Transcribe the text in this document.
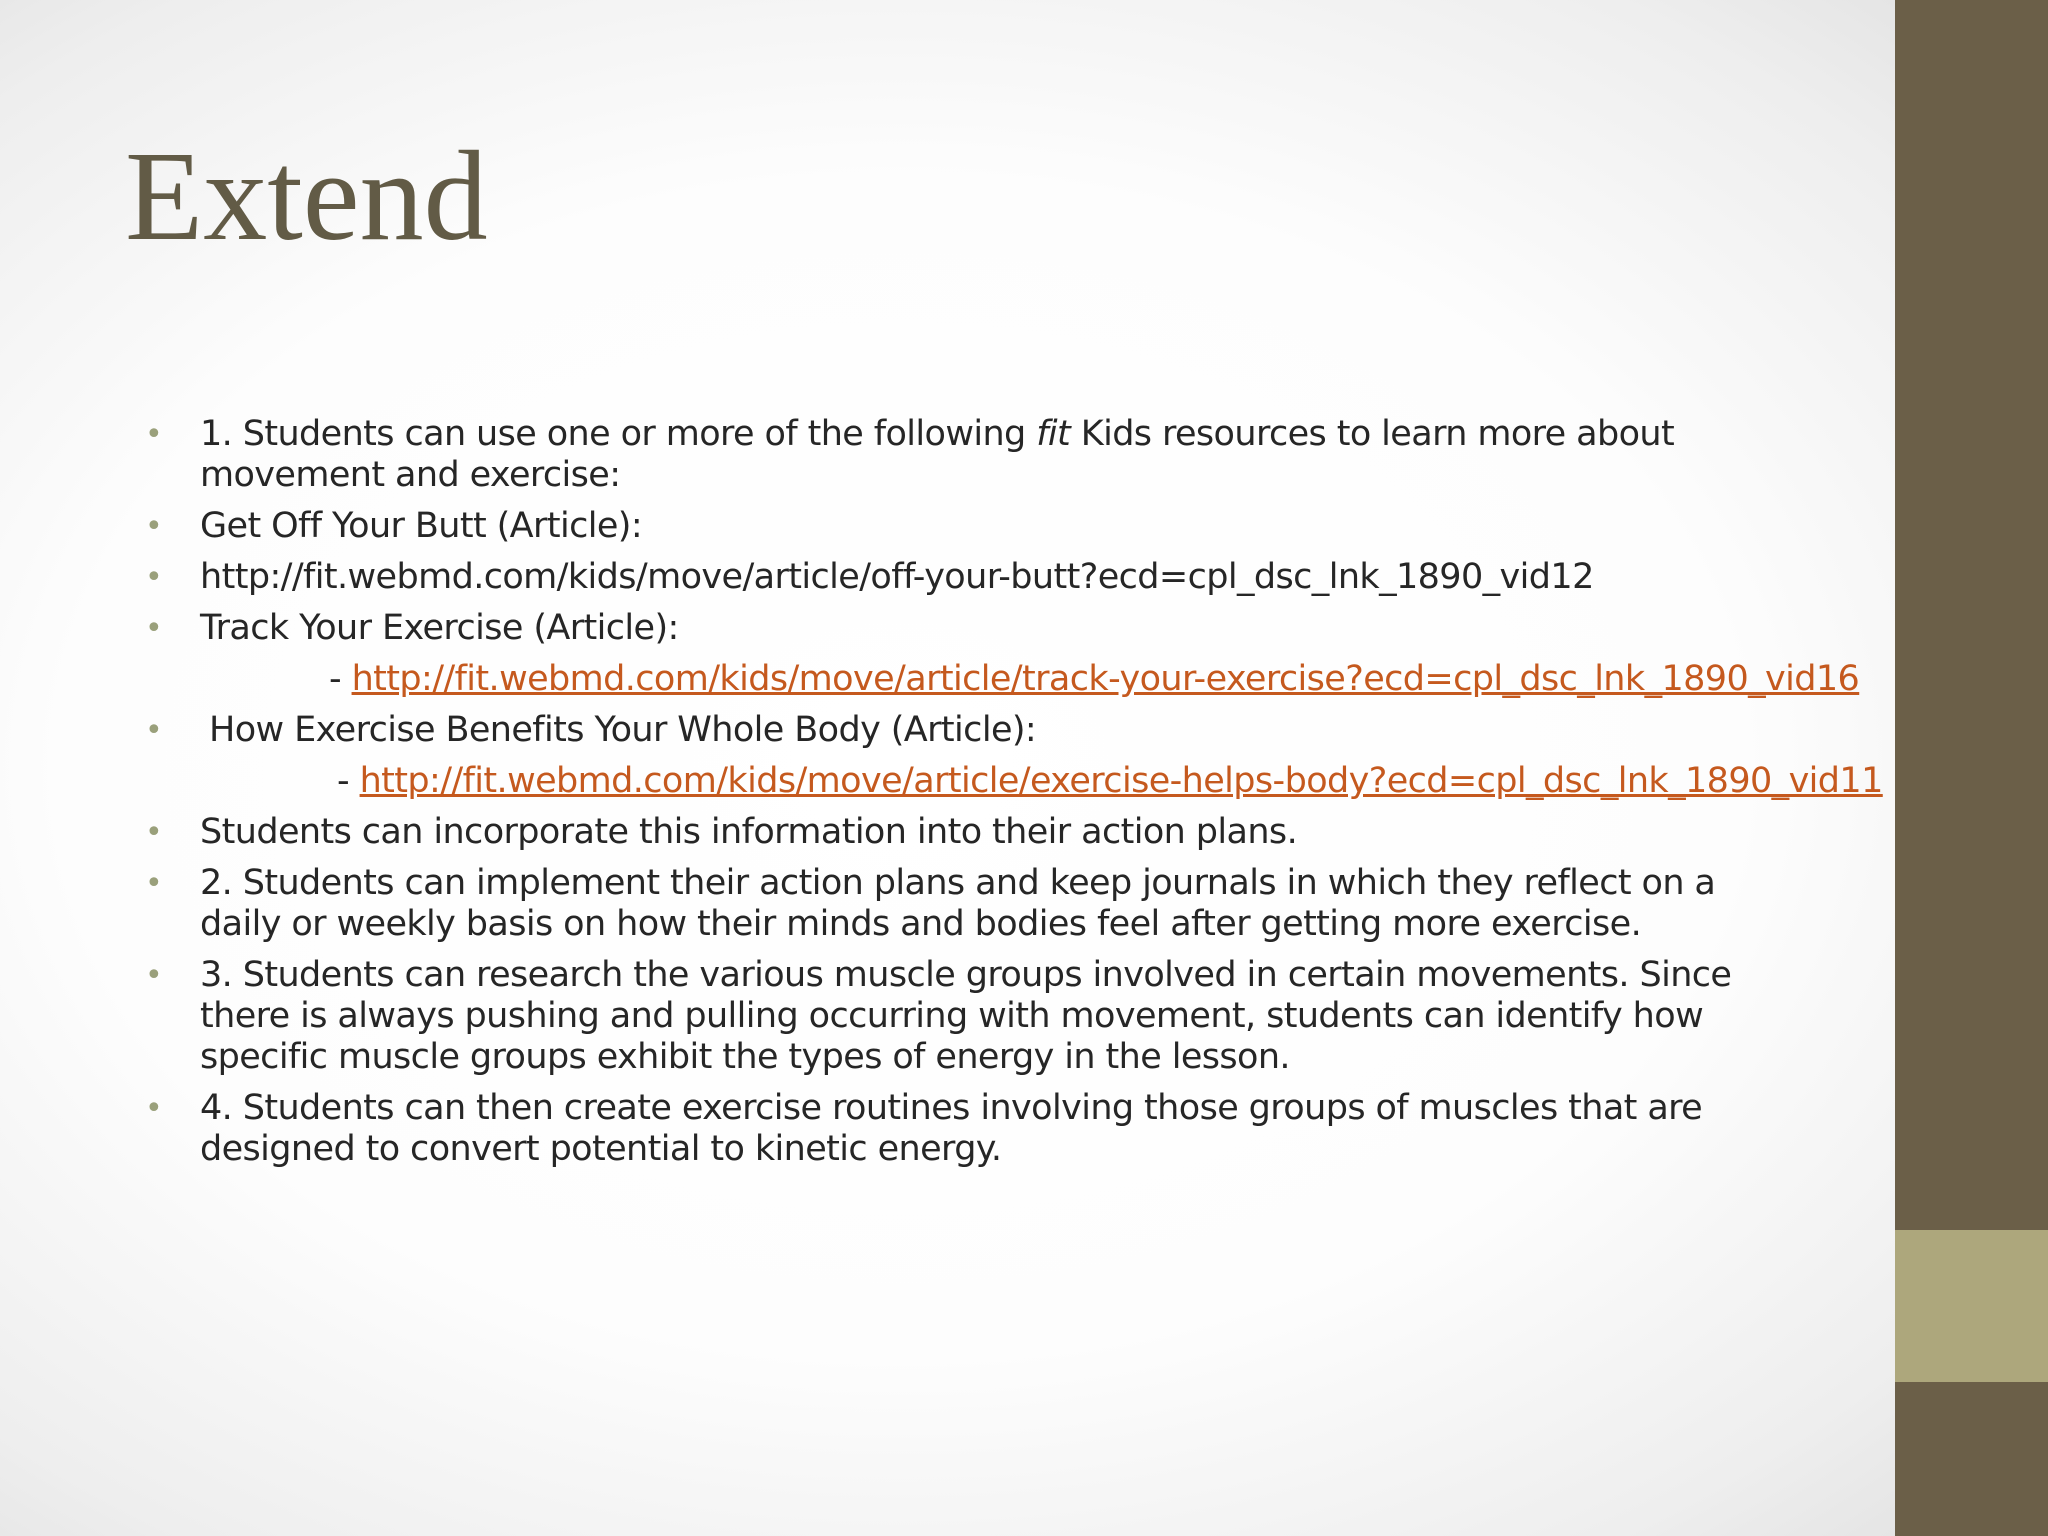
Extend
• 1. Students can use one or more of the following fit Kids resources to learn more about movement and exercise:
• Get Off Your Butt (Article):
• http://fit.webmd.com/kids/move/article/off-your-butt?ecd=cpl_dsc_lnk_1890_vid12
• Track Your Exercise (Article):
- http://fit.webmd.com/kids/move/article/track-your-exercise?ecd=cpl_dsc_lnk_1890_vid16
• How Exercise Benefits Your Whole Body (Article):
- http://fit.webmd.com/kids/move/article/exercise-helps-body?ecd=cpl_dsc_lnk_1890_vid11
• Students can incorporate this information into their action plans.
• 2. Students can implement their action plans and keep journals in which they reflect on a daily or weekly basis on how their minds and bodies feel after getting more exercise.
• 3. Students can research the various muscle groups involved in certain movements. Since there is always pushing and pulling occurring with movement, students can identify how specific muscle groups exhibit the types of energy in the lesson.
• 4. Students can then create exercise routines involving those groups of muscles that are designed to convert potential to kinetic energy.
